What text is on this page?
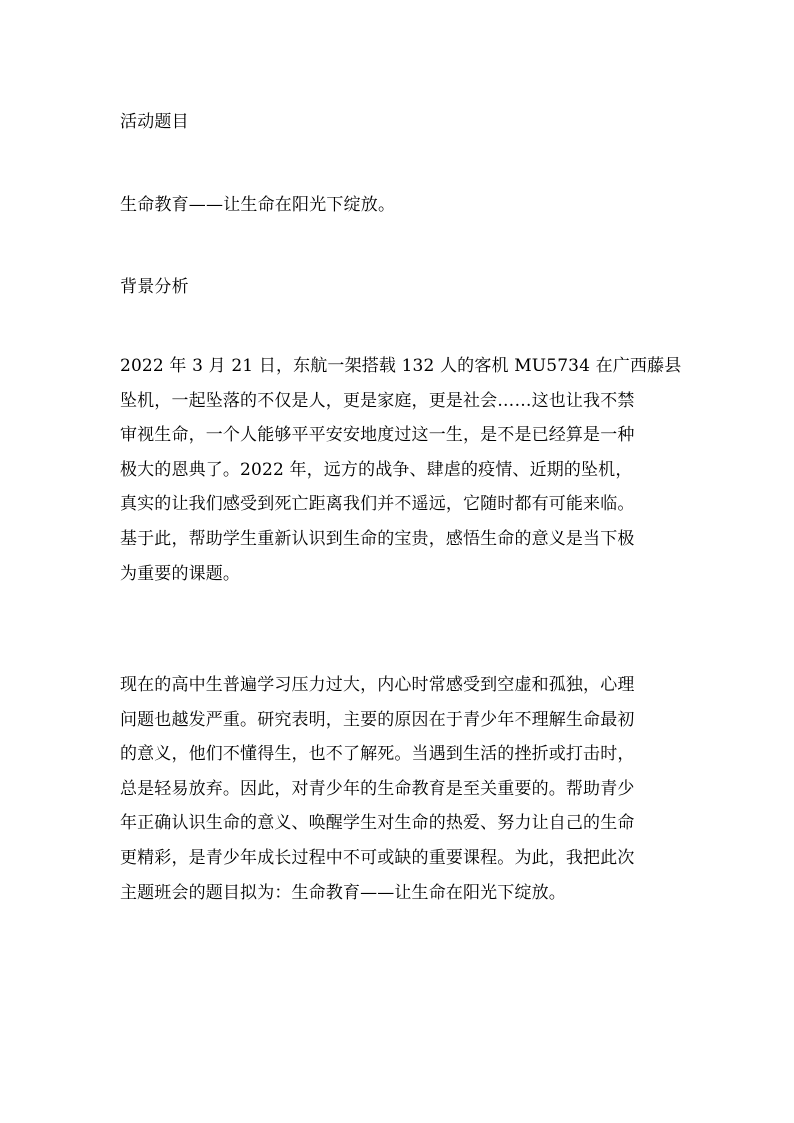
活动题目
生命教育——让生命在阳光下绽放。
背景分析
2022 年 3 月 21 日，东航一架搭载 132 人的客机 MU5734 在广西藤县
坠机，一起坠落的不仅是人，更是家庭，更是社会……这也让我不禁
审视生命，一个人能够平平安安地度过这一生，是不是已经算是一种
极大的恩典了。2022 年，远方的战争、肆虐的疫情、近期的坠机，
真实的让我们感受到死亡距离我们并不遥远，它随时都有可能来临。
基于此，帮助学生重新认识到生命的宝贵，感悟生命的意义是当下极
为重要的课题。
现在的高中生普遍学习压力过大，内心时常感受到空虚和孤独，心理
问题也越发严重。研究表明，主要的原因在于青少年不理解生命最初
的意义，他们不懂得生，也不了解死。当遇到生活的挫折或打击时，
总是轻易放弃。因此，对青少年的生命教育是至关重要的。帮助青少
年正确认识生命的意义、唤醒学生对生命的热爱、努力让自己的生命
更精彩，是青少年成长过程中不可或缺的重要课程。为此，我把此次
主题班会的题目拟为：生命教育——让生命在阳光下绽放。
